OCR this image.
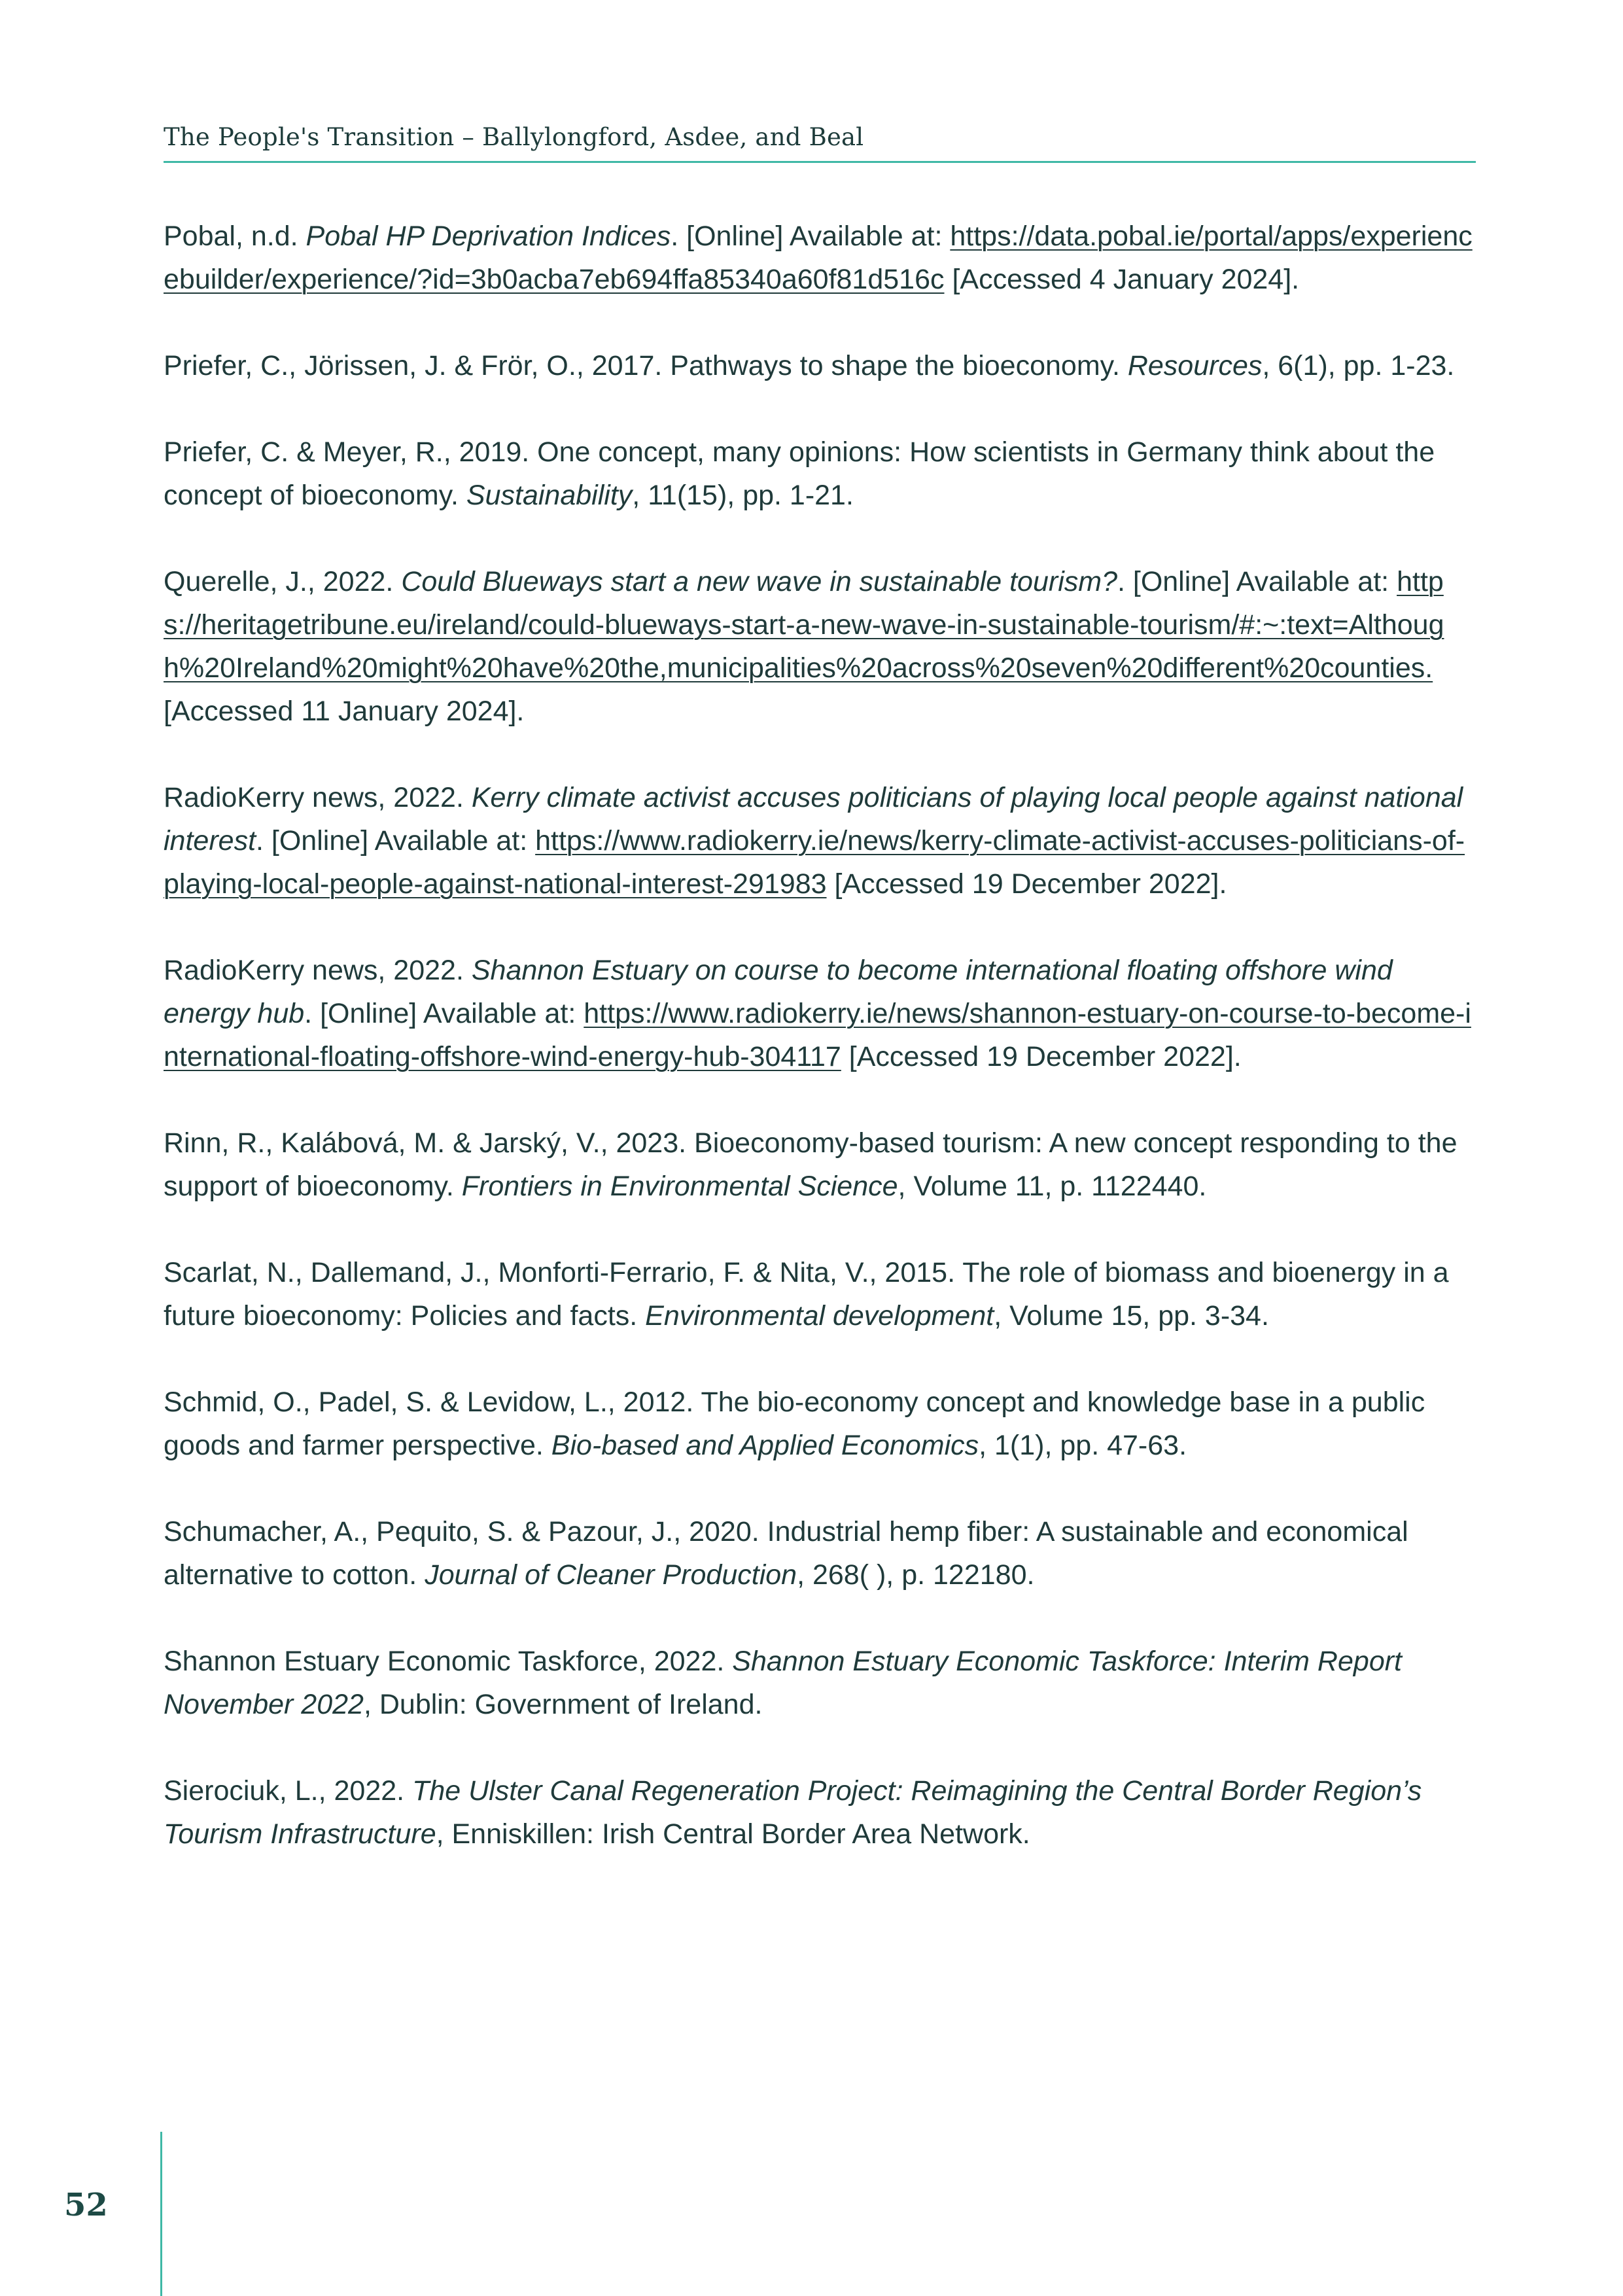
The People's Transition – Ballylongford, Asdee, and Beal

Pobal, n.d. Pobal HP Deprivation Indices. [Online] Available at: https://data.pobal.ie/portal/apps/experiencebuilder/experience/?id=3b0acba7eb694ffa85340a60f81d516c [Accessed 4 January 2024].

Priefer, C., Jörissen, J. & Frör, O., 2017. Pathways to shape the bioeconomy. Resources, 6(1), pp. 1-23.

Priefer, C. & Meyer, R., 2019. One concept, many opinions: How scientists in Germany think about the concept of bioeconomy. Sustainability, 11(15), pp. 1-21.

Querelle, J., 2022. Could Blueways start a new wave in sustainable tourism?. [Online] Available at: https://heritagetribune.eu/ireland/could-blueways-start-a-new-wave-in-sustainable-tourism/#:~:text=Although%20Ireland%20might%20have%20the,municipalities%20across%20seven%20different%20counties. [Accessed 11 January 2024].

RadioKerry news, 2022. Kerry climate activist accuses politicians of playing local people against national interest. [Online] Available at: https://www.radiokerry.ie/news/kerry-climate-activist-accuses-politicians-of-playing-local-people-against-national-interest-291983 [Accessed 19 December 2022].

RadioKerry news, 2022. Shannon Estuary on course to become international floating offshore wind energy hub. [Online] Available at: https://www.radiokerry.ie/news/shannon-estuary-on-course-to-become-international-floating-offshore-wind-energy-hub-304117 [Accessed 19 December 2022].

Rinn, R., Kalábová, M. & Jarský, V., 2023. Bioeconomy-based tourism: A new concept responding to the support of bioeconomy. Frontiers in Environmental Science, Volume 11, p. 1122440.

Scarlat, N., Dallemand, J., Monforti-Ferrario, F. & Nita, V., 2015. The role of biomass and bioenergy in a future bioeconomy: Policies and facts. Environmental development, Volume 15, pp. 3-34.

Schmid, O., Padel, S. & Levidow, L., 2012. The bio-economy concept and knowledge base in a public goods and farmer perspective. Bio-based and Applied Economics, 1(1), pp. 47-63.

Schumacher, A., Pequito, S. & Pazour, J., 2020. Industrial hemp fiber: A sustainable and economical alternative to cotton. Journal of Cleaner Production, 268( ), p. 122180.

Shannon Estuary Economic Taskforce, 2022. Shannon Estuary Economic Taskforce: Interim Report November 2022, Dublin: Government of Ireland.

Sierociuk, L., 2022. The Ulster Canal Regeneration Project: Reimagining the Central Border Region’s Tourism Infrastructure, Enniskillen: Irish Central Border Area Network.

52
